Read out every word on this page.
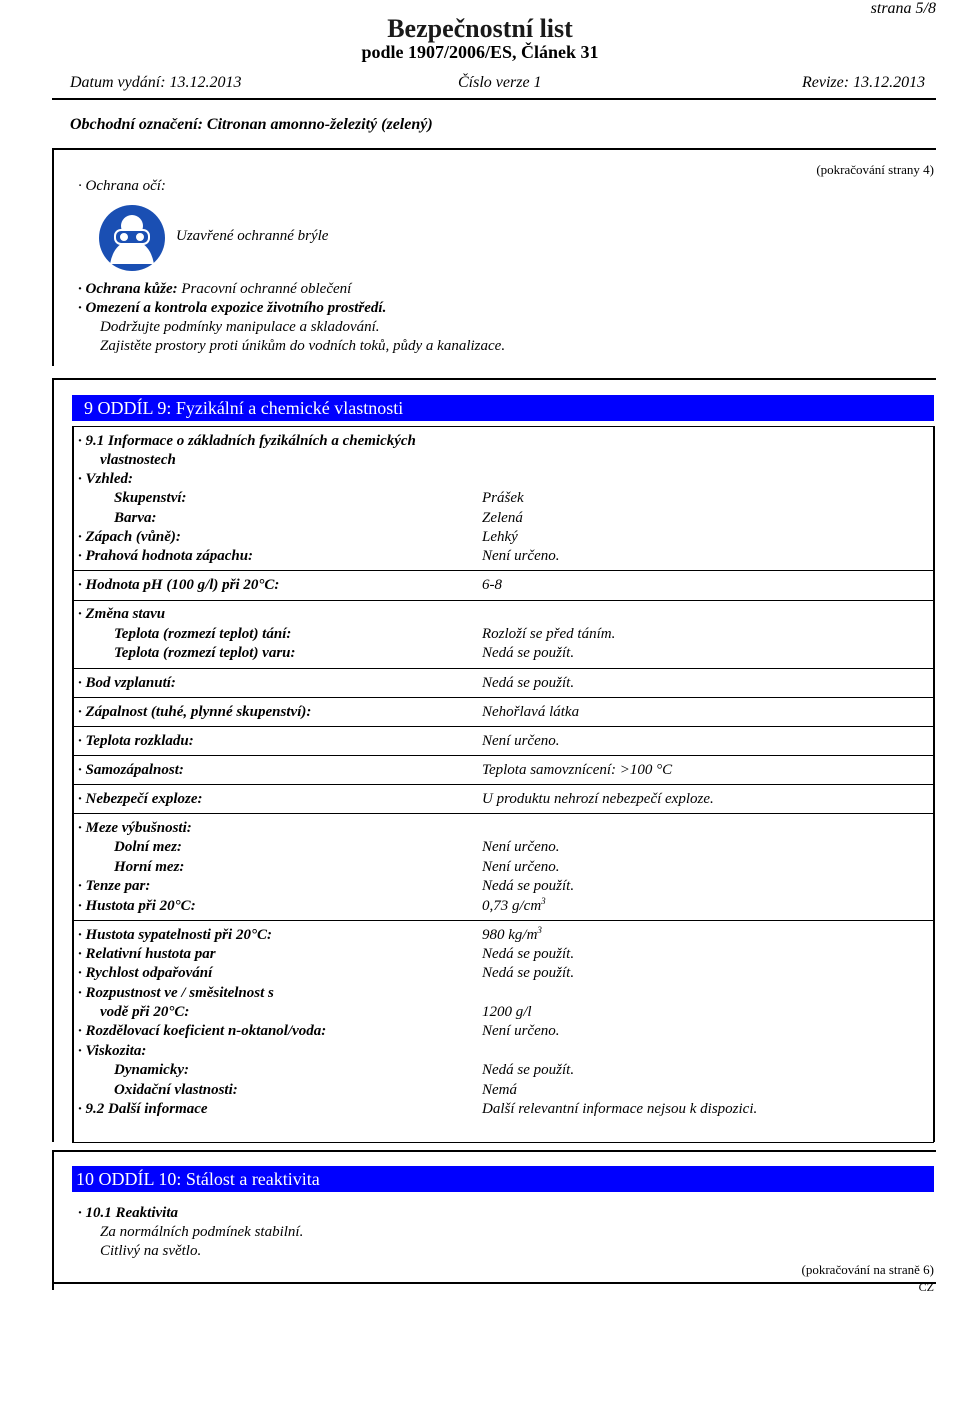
strana 5/8
Bezpečnostní list
podle 1907/2006/ES, Článek 31
Datum vydání: 13.12.2013	Číslo verze 1	Revize: 13.12.2013
Obchodní označení: Citronan amonno-železitý (zelený)
(pokračování strany 4)
· Ochrana očí:
Uzavřené ochranné brýle
· Ochrana kůže: Pracovní ochranné oblečení
· Omezení a kontrola expozice životního prostředí.
Dodržujte podmínky manipulace a skladování.
Zajistěte prostory proti únikům do vodních toků, půdy a kanalizace.
9 ODDÍL 9: Fyzikální a chemické vlastnosti
· 9.1 Informace o základních fyzikálních a chemických
vlastnostech
· Vzhled:
Skupenství:	Prášek
Barva:	Zelená
· Zápach (vůně):	Lehký
· Prahová hodnota zápachu:	Není určeno.
· Hodnota pH (100 g/l) při 20°C:	6-8
· Změna stavu
Teplota (rozmezí teplot) tání:	Rozloží se před táním.
Teplota (rozmezí teplot) varu:	Nedá se použít.
· Bod vzplanutí:	Nedá se použít.
· Zápalnost (tuhé, plynné skupenství):	Nehořlavá látka
· Teplota rozkladu:	Není určeno.
· Samozápalnost:	Teplota samovznícení: >100 °C
· Nebezpečí exploze:	U produktu nehrozí nebezpečí exploze.
· Meze výbušnosti:
Dolní mez:	Není určeno.
Horní mez:	Není určeno.
· Tenze par:	Nedá se použít.
· Hustota při 20°C:	0,73 $g/cm^3$
· Hustota sypatelnosti při 20°C:	980 $kg/m^3$
· Relativní hustota par	Nedá se použít.
· Rychlost odpařování	Nedá se použít.
· Rozpustnost ve / směsitelnost s
vodě při 20°C:	1200 g/l
· Rozdělovací koeficient n-oktanol/voda:	Není určeno.
· Viskozita:
Dynamicky:	Nedá se použít.
Oxidační vlastnosti:	Nemá
· 9.2 Další informace	Další relevantní informace nejsou k dispozici.
10 ODDÍL 10: Stálost a reaktivita
· 10.1 Reaktivita
Za normálních podmínek stabilní.
Citlivý na světlo.
(pokračování na straně 6)
CZ
